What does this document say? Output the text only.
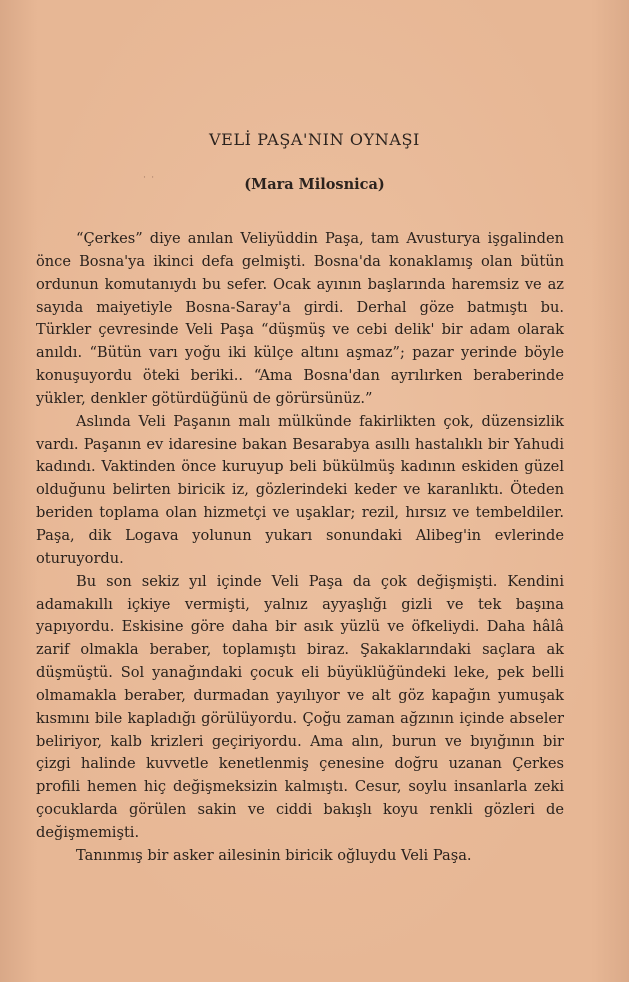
˙ ˙
VELİ PAŞA'NIN OYNAŞI
(Mara Milosnica)

“Çerkes” diye anılan Veliyüddin Paşa, tam Avusturya işgalinden önce Bosna'ya ikinci defa gelmişti. Bosna'da konaklamış olan bütün ordunun komutanıydı bu sefer. Ocak ayının başlarında haremsiz ve az sayıda maiyetiyle Bosna-Saray'a girdi. Derhal göze batmıştı bu. Türkler çevresinde Veli Paşa “düşmüş ve cebi delik' bir adam olarak anıldı. “Bütün varı yoğu iki külçe altını aşmaz”; pazar yerinde böyle konuşuyordu öteki beriki.. “Ama Bosna'dan ayrılırken beraberinde yükler, denkler götürdüğünü de görürsünüz.”

Aslında Veli Paşanın malı mülkünde fakirlikten çok, düzensizlik vardı. Paşanın ev idaresine bakan Besarabya asıllı hastalıklı bir Yahudi kadındı. Vaktinden önce kuruyup beli bükülmüş kadının eskiden güzel olduğunu belirten biricik iz, gözlerindeki keder ve karanlıktı. Öteden beriden toplama olan hizmetçi ve uşaklar; rezil, hırsız ve tembeldiler. Paşa, dik Logava yolunun yukarı sonundaki Alibeg'in evlerinde oturuyordu.

Bu son sekiz yıl içinde Veli Paşa da çok değişmişti. Kendini adamakıllı içkiye vermişti, yalnız ayyaşlığı gizli ve tek başına yapıyordu. Eskisine göre daha bir asık yüzlü ve öfkeliydi. Daha hâlâ zarif olmakla beraber, toplamıştı biraz. Şakaklarındaki saçlara ak düşmüştü. Sol yanağındaki çocuk eli büyüklüğündeki leke, pek belli olmamakla beraber, durmadan yayılıyor ve alt göz kapağın yumuşak kısmını bile kapladığı görülüyordu. Çoğu zaman ağzının içinde abseler beliriyor, kalb krizleri geçiriyordu. Ama alın, burun ve bıyığının bir çizgi halinde kuvvetle kenetlenmiş çenesine doğru uzanan Çerkes profili hemen hiç değişmeksizin kalmıştı. Cesur, soylu insanlarla zeki çocuklarda görülen sakin ve ciddi bakışlı koyu renkli gözleri de değişmemişti.

Tanınmış bir asker ailesinin biricik oğluydu Veli Paşa.
